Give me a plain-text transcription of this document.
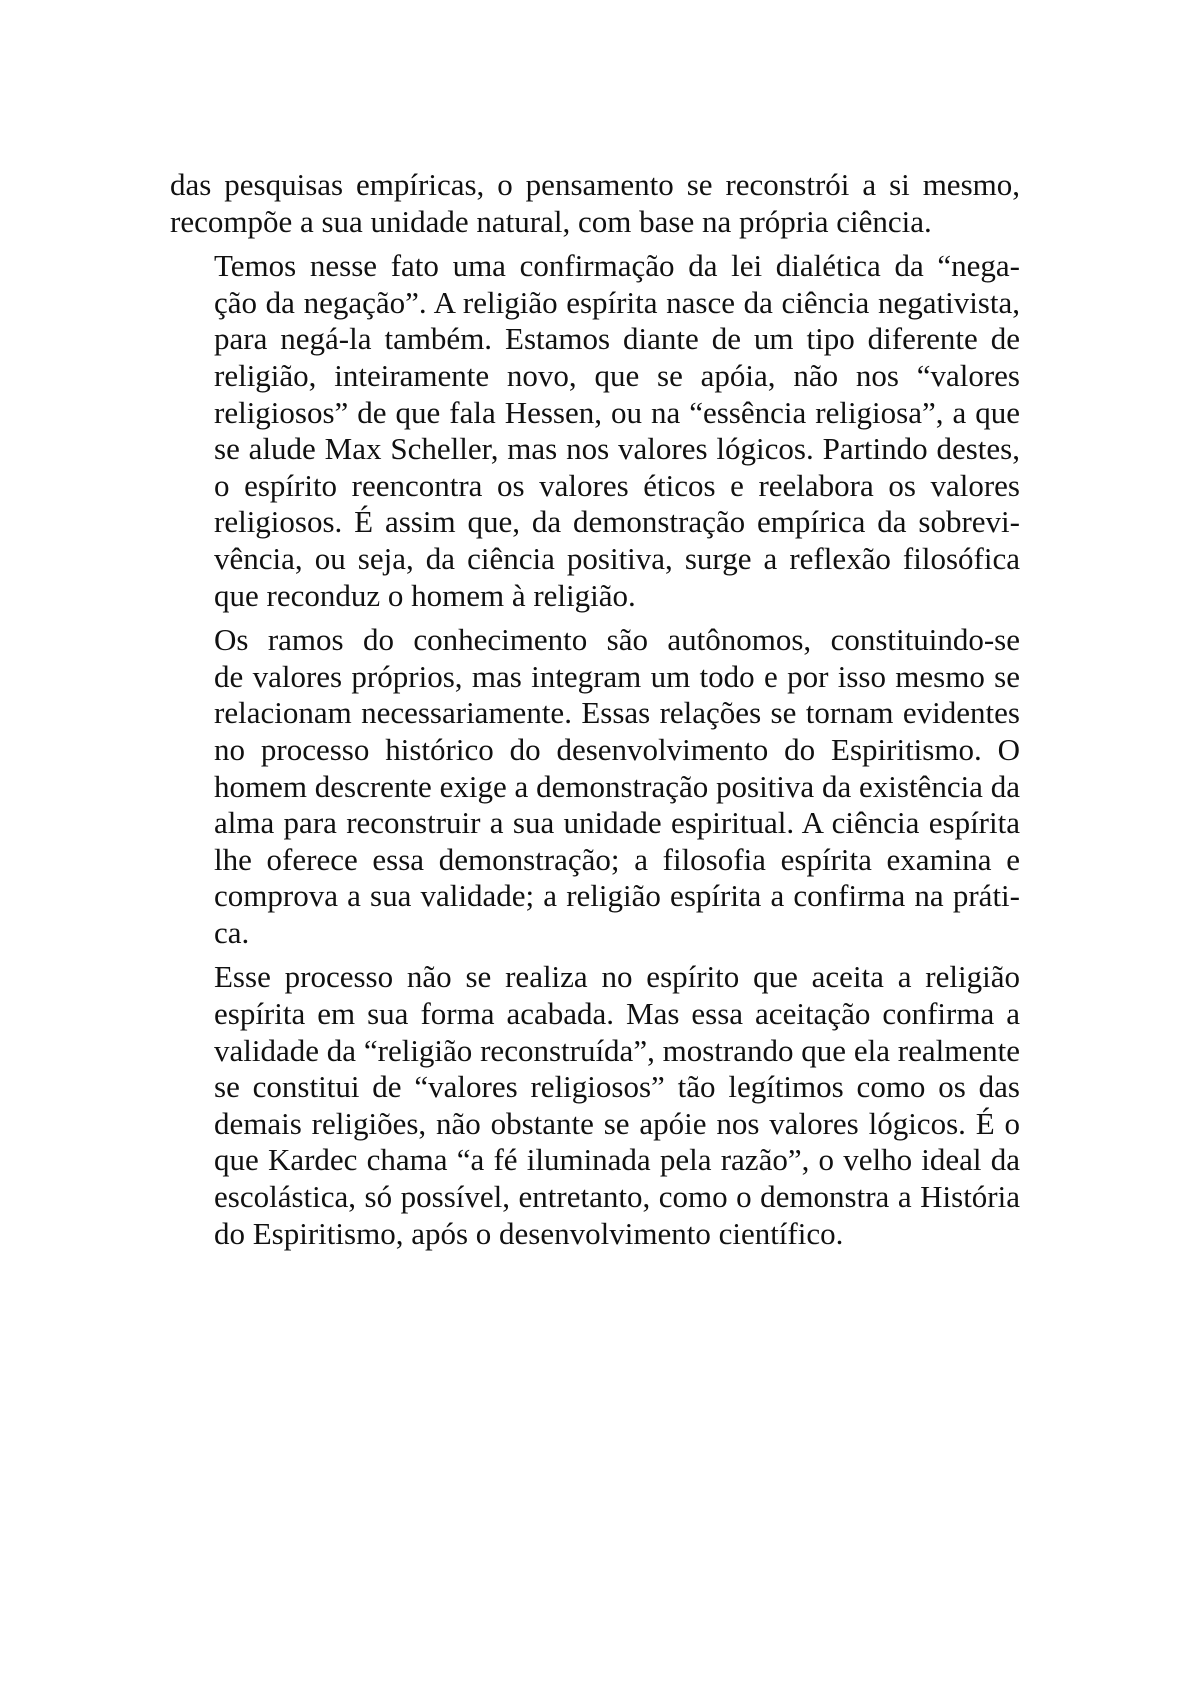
das pesquisas empíricas, o pensamento se reconstrói a si mesmo,
recompõe a sua unidade natural, com base na própria ciência.

Temos nesse fato uma confirmação da lei dialética da “nega-
ção da negação”. A religião espírita nasce da ciência negativista,
para negá-la também. Estamos diante de um tipo diferente de
religião, inteiramente novo, que se apóia, não nos “valores
religiosos” de que fala Hessen, ou na “essência religiosa”, a que
se alude Max Scheller, mas nos valores lógicos. Partindo destes,
o espírito reencontra os valores éticos e reelabora os valores
religiosos. É assim que, da demonstração empírica da sobrevi-
vência, ou seja, da ciência positiva, surge a reflexão filosófica
que reconduz o homem à religião.

Os ramos do conhecimento são autônomos, constituindo-se
de valores próprios, mas integram um todo e por isso mesmo se
relacionam necessariamente. Essas relações se tornam evidentes
no processo histórico do desenvolvimento do Espiritismo. O
homem descrente exige a demonstração positiva da existência da
alma para reconstruir a sua unidade espiritual. A ciência espírita
lhe oferece essa demonstração; a filosofia espírita examina e
comprova a sua validade; a religião espírita a confirma na práti-
ca.

Esse processo não se realiza no espírito que aceita a religião
espírita em sua forma acabada. Mas essa aceitação confirma a
validade da “religião reconstruída”, mostrando que ela realmente
se constitui de “valores religiosos” tão legítimos como os das
demais religiões, não obstante se apóie nos valores lógicos. É o
que Kardec chama “a fé iluminada pela razão”, o velho ideal da
escolástica, só possível, entretanto, como o demonstra a História
do Espiritismo, após o desenvolvimento científico.
